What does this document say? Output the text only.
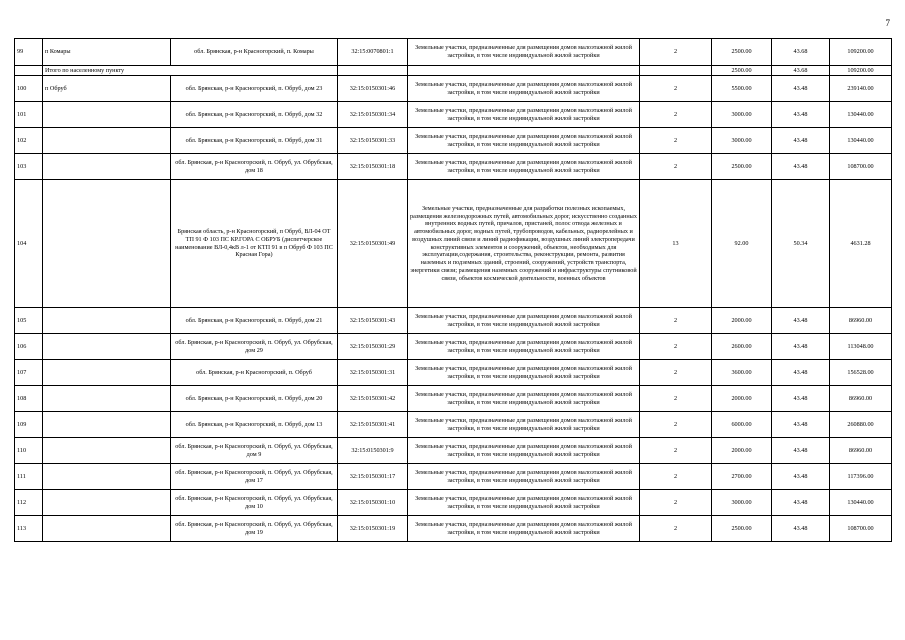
7
99	п Комары	обл. Брянская, р-н Красногорский, п. Комары	32:15:0070801:1	Земельные участки, предназначенные для размещения домов малоэтажной жилой застройки, в том числе индивидуальной жилой застройки	2	2500.00	43.68	109200.00
	Итого по населенному пункту					2500.00	43.68	109200.00
100	п Обруб	обл. Брянская, р-н Красногорский, п. Обруб, дом 23	32:15:0150301:46	Земельные участки, предназначенные для размещения домов малоэтажной жилой застройки, в том числе индивидуальной жилой застройки	2	5500.00	43.48	239140.00
101		обл. Брянская, р-н Красногорский, п. Обруб, дом 32	32:15:0150301:34	Земельные участки, предназначенные для размещения домов малоэтажной жилой застройки, в том числе индивидуальной жилой застройки	2	3000.00	43.48	130440.00
102		обл. Брянская, р-н Красногорский, п. Обруб, дом 31	32:15:0150301:33	Земельные участки, предназначенные для размещения домов малоэтажной жилой застройки, в том числе индивидуальной жилой застройки	2	3000.00	43.48	130440.00
103		обл. Брянская, р-н Красногорский, п. Обруб, ул. Обрубская, дом 18	32:15:0150301:18	Земельные участки, предназначенные для размещения домов малоэтажной жилой застройки, в том числе индивидуальной жилой застройки	2	2500.00	43.48	108700.00
104		Брянская область, р-н Красногорский, п Обруб, ВЛ-04 ОТ ТП 91 Ф 103 ПС КР.ГОРА С ОБРУБ (диспетчерское наименование ВЛ-0,4кВ л-1 от КТП 91 в п Обруб Ф 103 ПС Красная Гора)	32:15:0150301:49	Земельные участки, предназначенные для разработки полезных ископаемых, размещения железнодорожных путей, автомобильных дорог, искусственно созданных внутренних водных путей, причалов, пристаней, полос отвода железных и автомобильных дорог, водных путей, трубопроводов, кабельных, радиорелейных и воздушных линий связи и линий радиофикации, воздушных линий электропередачи конструктивных элементов и сооружений, объектов, необходимых для эксплуатации,содержания, строительства, реконструкции, ремонта, развития наземных и подземных зданий, строений, сооружений, устройств транспорта, энергетики связи; размещения наземных сооружений и инфраструктуры спутниковой связи, объектов космической деятельности, военных объектов	13	92.00	50.34	4631.28
105		обл. Брянская, р-н Красногорский, п. Обруб, дом 21	32:15:0150301:43	Земельные участки, предназначенные для размещения домов малоэтажной жилой застройки, в том числе индивидуальной жилой застройки	2	2000.00	43.48	86960.00
106		обл. Брянская, р-н Красногорский, п. Обруб, ул. Обрубская, дом 29	32:15:0150301:29	Земельные участки, предназначенные для размещения домов малоэтажной жилой застройки, в том числе индивидуальной жилой застройки	2	2600.00	43.48	113048.00
107		обл. Брянская, р-н Красногорский, п. Обруб	32:15:0150301:31	Земельные участки, предназначенные для размещения домов малоэтажной жилой застройки, в том числе индивидуальной жилой застройки	2	3600.00	43.48	156528.00
108		обл. Брянская, р-н Красногорский, п. Обруб, дом 20	32:15:0150301:42	Земельные участки, предназначенные для размещения домов малоэтажной жилой застройки, в том числе индивидуальной жилой застройки	2	2000.00	43.48	86960.00
109		обл. Брянская, р-н Красногорский, п. Обруб, дом 13	32:15:0150301:41	Земельные участки, предназначенные для размещения домов малоэтажной жилой застройки, в том числе индивидуальной жилой застройки	2	6000.00	43.48	260880.00
110		обл. Брянская, р-н Красногорский, п. Обруб, ул. Обрубская, дом 9	32:15:0150301:9	Земельные участки, предназначенные для размещения домов малоэтажной жилой застройки, в том числе индивидуальной жилой застройки	2	2000.00	43.48	86960.00
111		обл. Брянская, р-н Красногорский, п. Обруб, ул. Обрубская, дом 17	32:15:0150301:17	Земельные участки, предназначенные для размещения домов малоэтажной жилой застройки, в том числе индивидуальной жилой застройки	2	2700.00	43.48	117396.00
112		обл. Брянская, р-н Красногорский, п. Обруб, ул. Обрубская, дом 10	32:15:0150301:10	Земельные участки, предназначенные для размещения домов малоэтажной жилой застройки, в том числе индивидуальной жилой застройки	2	3000.00	43.48	130440.00
113		обл. Брянская, р-н Красногорский, п. Обруб, ул. Обрубская, дом 19	32:15:0150301:19	Земельные участки, предназначенные для размещения домов малоэтажной жилой застройки, в том числе индивидуальной жилой застройки	2	2500.00	43.48	108700.00
